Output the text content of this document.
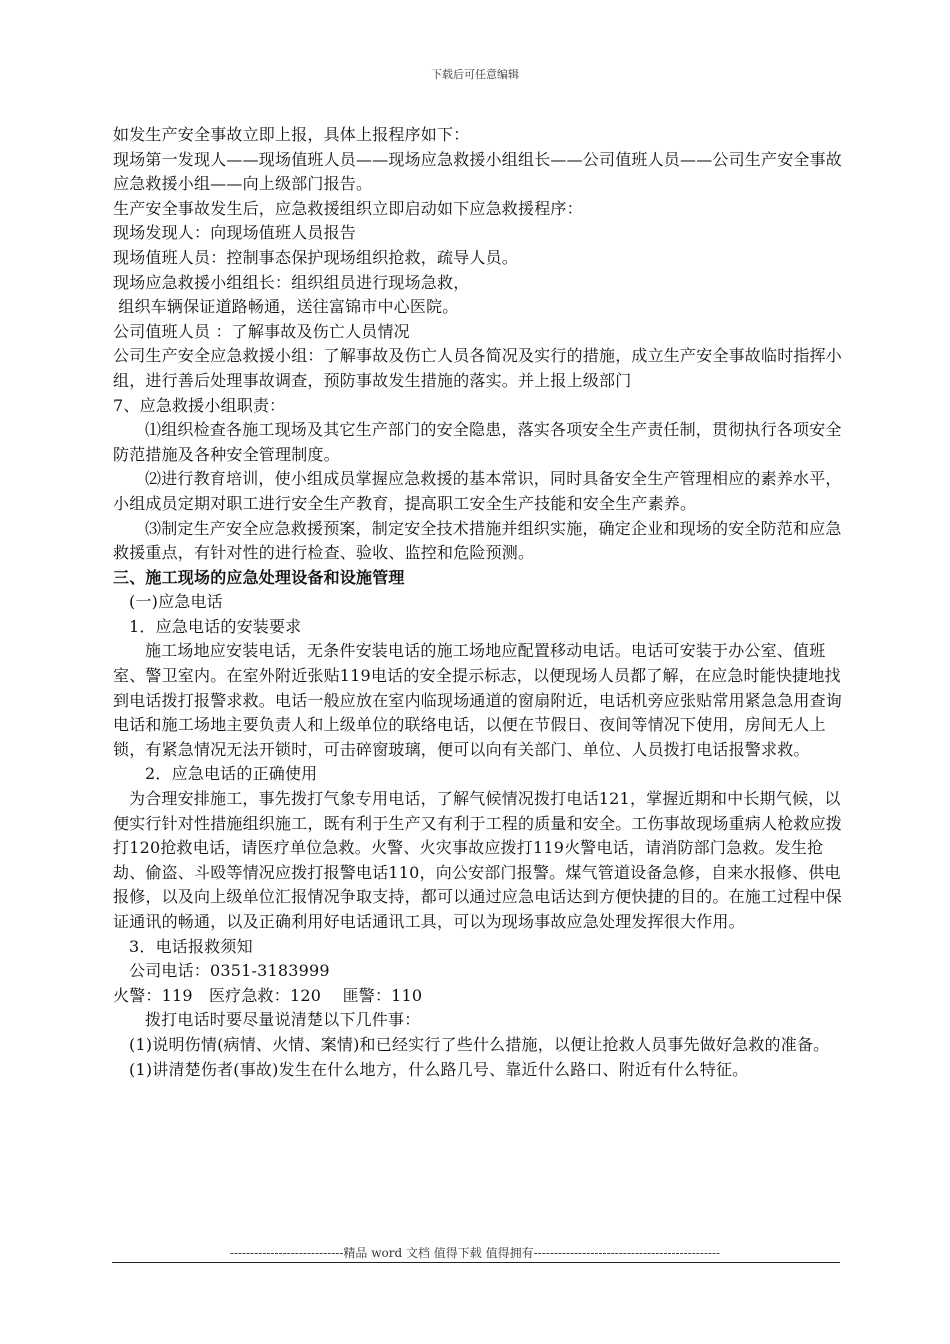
下载后可任意编辑

如发生产安全事故立即上报，具体上报程序如下：

现场第一发现人——现场值班人员——现场应急救援小组组长——公司值班人员——公司生产安全事故应急救援小组——向上级部门报告。

生产安全事故发生后，应急救援组织立即启动如下应急救援程序：

现场发现人：向现场值班人员报告

现场值班人员：控制事态保护现场组织抢救，疏导人员。

现场应急救援小组组长：组织组员进行现场急救，

组织车辆保证道路畅通，送往富锦市中心医院。

公司值班人员 ：了解事故及伤亡人员情况

公司生产安全应急救援小组：了解事故及伤亡人员各简况及实行的措施，成立生产安全事故临时指挥小组，进行善后处理事故调查，预防事故发生措施的落实。并上报上级部门

7、应急救援小组职责：

⑴组织检查各施工现场及其它生产部门的安全隐患，落实各项安全生产责任制，贯彻执行各项安全防范措施及各种安全管理制度。

⑵进行教育培训，使小组成员掌握应急救援的基本常识，同时具备安全生产管理相应的素养水平，小组成员定期对职工进行安全生产教育，提高职工安全生产技能和安全生产素养。

⑶制定生产安全应急救援预案，制定安全技术措施并组织实施，确定企业和现场的安全防范和应急救援重点，有针对性的进行检查、验收、监控和危险预测。

三、施工现场的应急处理设备和设施管理

(一)应急电话

1．应急电话的安装要求

施工场地应安装电话，无条件安装电话的施工场地应配置移动电话。电话可安装于办公室、值班室、警卫室内。在室外附近张贴119电话的安全提示标志，以便现场人员都了解，在应急时能快捷地找到电话拨打报警求救。电话一般应放在室内临现场通道的窗扇附近，电话机旁应张贴常用紧急急用查询电话和施工场地主要负责人和上级单位的联络电话，以便在节假日、夜间等情况下使用，房间无人上锁，有紧急情况无法开锁时，可击碎窗玻璃，便可以向有关部门、单位、人员拨打电话报警求救。

2．应急电话的正确使用

为合理安排施工，事先拨打气象专用电话，了解气候情况拨打电话121，掌握近期和中长期气候，以便实行针对性措施组织施工，既有利于生产又有利于工程的质量和安全。工伤事故现场重病人枪救应拨打120抢救电话，请医疗单位急救。火警、火灾事故应拨打119火警电话，请消防部门急救。发生抢劫、偷盗、斗殴等情况应拨打报警电话110，向公安部门报警。煤气管道设备急修，自来水报修、供电报修，以及向上级单位汇报情况争取支持，都可以通过应急电话达到方便快捷的目的。在施工过程中保证通讯的畅通，以及正确利用好电话通讯工具，可以为现场事故应急处理发挥很大作用。

3．电话报救须知

公司电话：0351-3183999

火警：119　医疗急救：120　 匪警：110

拨打电话时要尽量说清楚以下几件事：

(1)说明伤情(病情、火情、案情)和已经实行了些什么措施，以便让抢救人员事先做好急救的准备。

(1)讲清楚伤者(事故)发生在什么地方，什么路几号、靠近什么路口、附近有什么特征。

----------------------------精品 word 文档 值得下载 值得拥有----------------------------------------------
